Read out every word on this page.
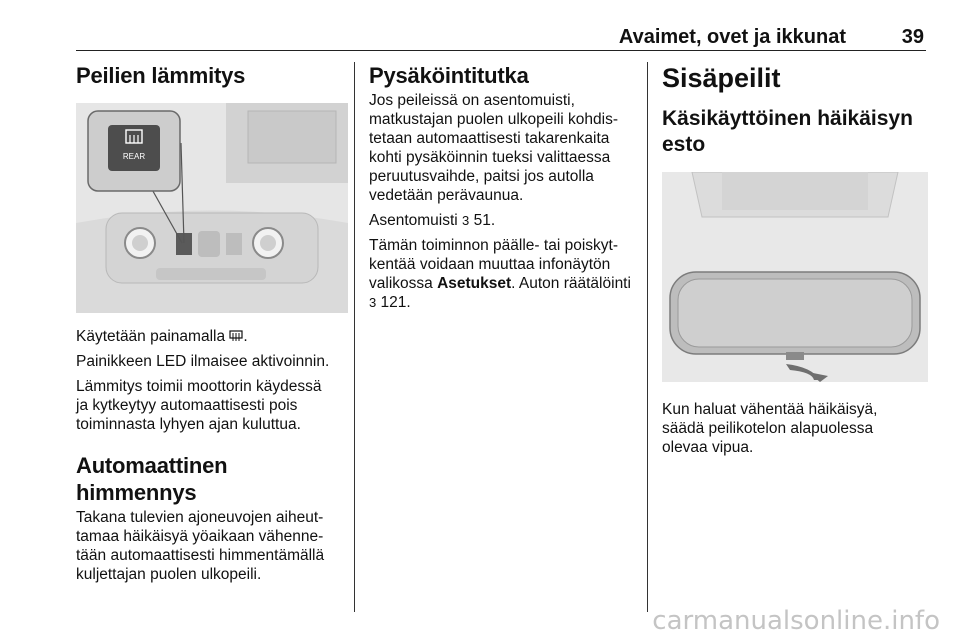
Avaimet, ovet ja ikkunat	39
Peilien lämmitys
REAR

Käytetään painamalla .

Painikkeen LED ilmaisee aktivoinnin.

Lämmitys toimii moottorin käydessä
ja kytkeytyy automaattisesti pois
toiminnasta lyhyen ajan kuluttua.

Automaattinen himmennys

Takana tulevien ajoneuvojen aiheut-
tamaa häikäisyä yöaikaan vähenne-
tään automaattisesti himmentämällä
kuljettajan puolen ulkopeili.

Pysäköintitutka

Jos peileissä on asentomuisti,
matkustajan puolen ulkopeili kohdis-
tetaan automaattisesti takarenkaita
kohti pysäköinnin tueksi valittaessa
peruutusvaihde, paitsi jos autolla
vedetään perävaunua.

Asentomuisti 3 51.

Tämän toiminnon päälle- tai poiskyt-
kentää voidaan muuttaa infonäytön
valikossa Asetukset. Auton räätälöinti
3 121.

Sisäpeilit
Käsikäyttöinen häikäisyn
esto

Kun haluat vähentää häikäisyä,
säädä peilikotelon alapuolessa
olevaa vipua.

carmanualsonline.info
